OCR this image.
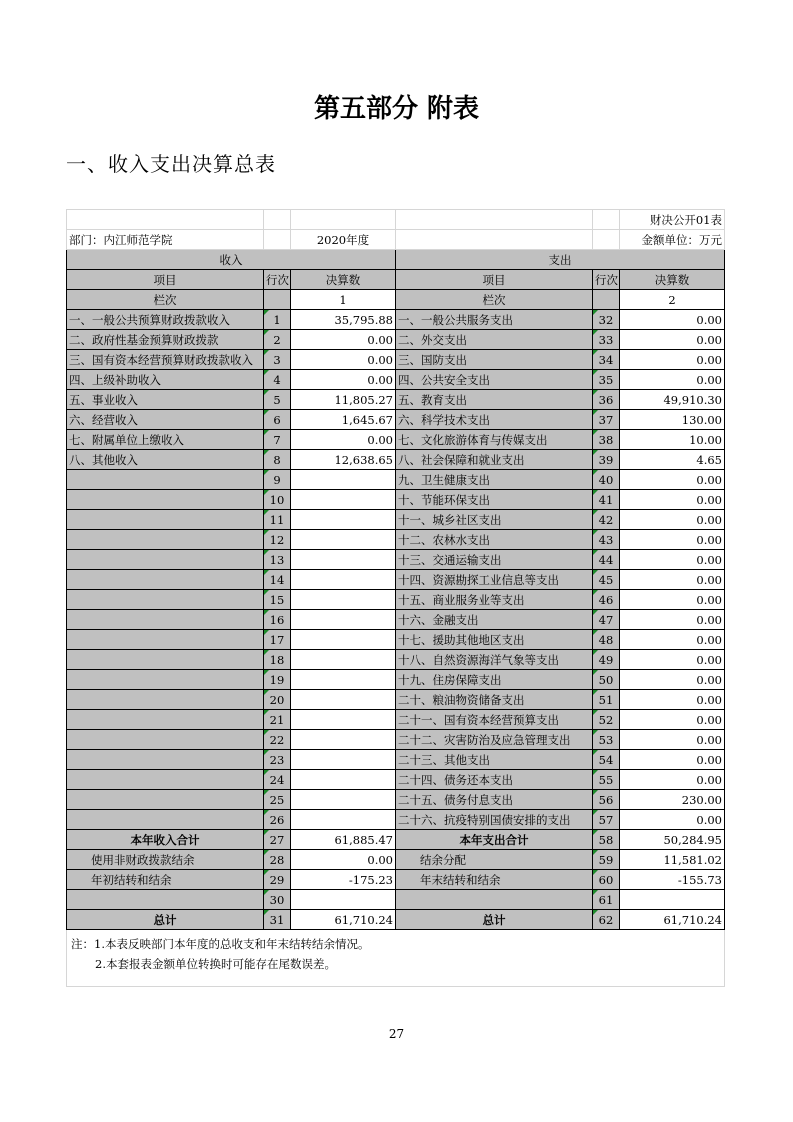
第五部分 附表
一、收入支出决算总表
					财决公开01表
部门：内江师范学院		2020年度			金额单位：万元
收入			支出		
项目	行次	决算数	项目	行次	决算数
栏次		1	栏次		2
一、一般公共预算财政拨款收入	1	35,795.88	一、一般公共服务支出	32	0.00
二、政府性基金预算财政拨款	2	0.00	二、外交支出	33	0.00
三、国有资本经营预算财政拨款收入	3	0.00	三、国防支出	34	0.00
四、上级补助收入	4	0.00	四、公共安全支出	35	0.00
五、事业收入	5	11,805.27	五、教育支出	36	49,910.30
六、经营收入	6	1,645.67	六、科学技术支出	37	130.00
七、附属单位上缴收入	7	0.00	七、文化旅游体育与传媒支出	38	10.00
八、其他收入	8	12,638.65	八、社会保障和就业支出	39	4.65
	9		九、卫生健康支出	40	0.00
	10		十、节能环保支出	41	0.00
	11		十一、城乡社区支出	42	0.00
	12		十二、农林水支出	43	0.00
	13		十三、交通运输支出	44	0.00
	14		十四、资源勘探工业信息等支出	45	0.00
	15		十五、商业服务业等支出	46	0.00
	16		十六、金融支出	47	0.00
	17		十七、援助其他地区支出	48	0.00
	18		十八、自然资源海洋气象等支出	49	0.00
	19		十九、住房保障支出	50	0.00
	20		二十、粮油物资储备支出	51	0.00
	21		二十一、国有资本经营预算支出	52	0.00
	22		二十二、灾害防治及应急管理支出	53	0.00
	23		二十三、其他支出	54	0.00
	24		二十四、债务还本支出	55	0.00
	25		二十五、债务付息支出	56	230.00
	26		二十六、抗疫特别国债安排的支出	57	0.00
本年收入合计	27	61,885.47	本年支出合计	58	50,284.95
使用非财政拨款结余	28	0.00	结余分配	59	11,581.02
年初结转和结余	29	-175.23	年末结转和结余	60	-155.73
	30			61	
总计	31	61,710.24	总计	62	61,710.24

注：1.本表反映部门本年度的总收支和年末结转结余情况。
2.本套报表金额单位转换时可能存在尾数误差。					
27
